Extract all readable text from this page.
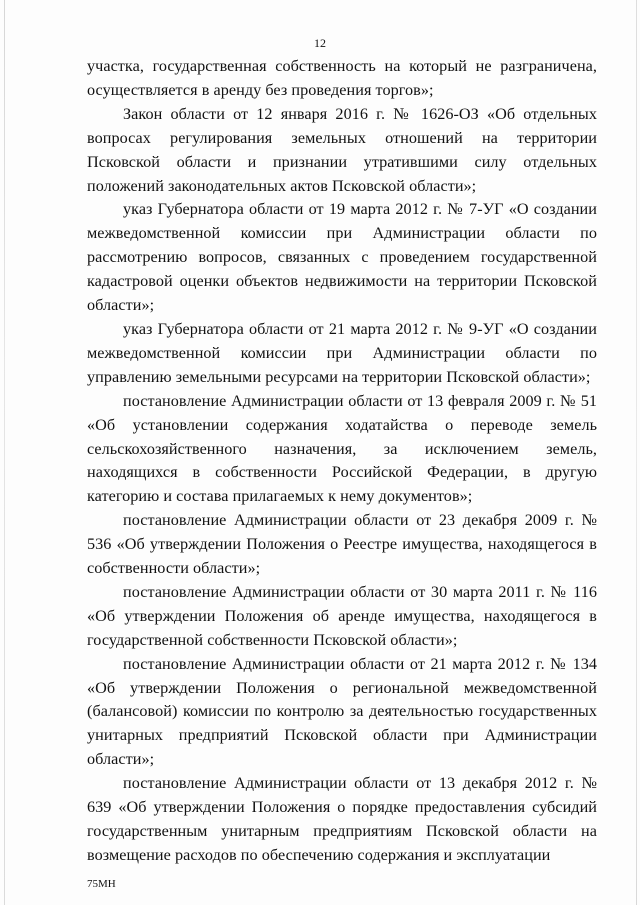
12

участка, государственная собственность на который не разграничена, осуществляется в аренду без проведения торгов»;

Закон области от 12 января 2016 г. № 1626-ОЗ «Об отдельных вопросах регулирования земельных отношений на территории Псковской области и признании утратившими силу отдельных положений законодательных актов Псковской области»;

указ Губернатора области от 19 марта 2012 г. № 7-УГ «О создании межведомственной комиссии при Администрации области по рассмотрению вопросов, связанных с проведением государственной кадастровой оценки объектов недвижимости на территории Псковской области»;

указ Губернатора области от 21 марта 2012 г. № 9-УГ «О создании межведомственной комиссии при Администрации области по управлению земельными ресурсами на территории Псковской области»;

постановление Администрации области от 13 февраля 2009 г. № 51 «Об установлении содержания ходатайства о переводе земель сельскохозяйственного назначения, за исключением земель, находящихся в собственности Российской Федерации, в другую категорию и состава прилагаемых к нему документов»;

постановление Администрации области от 23 декабря 2009 г. № 536 «Об утверждении Положения о Реестре имущества, находящегося в собственности области»;

постановление Администрации области от 30 марта 2011 г. № 116 «Об утверждении Положения об аренде имущества, находящегося в государственной собственности Псковской области»;

постановление Администрации области от 21 марта 2012 г. № 134 «Об утверждении Положения о региональной межведомственной (балансовой) комиссии по контролю за деятельностью государственных унитарных предприятий Псковской области при Администрации области»;

постановление Администрации области от 13 декабря 2012 г. № 639 «Об утверждении Положения о порядке предоставления субсидий государственным унитарным предприятиям Псковской области на возмещение расходов по обеспечению содержания и эксплуатации

75МН
